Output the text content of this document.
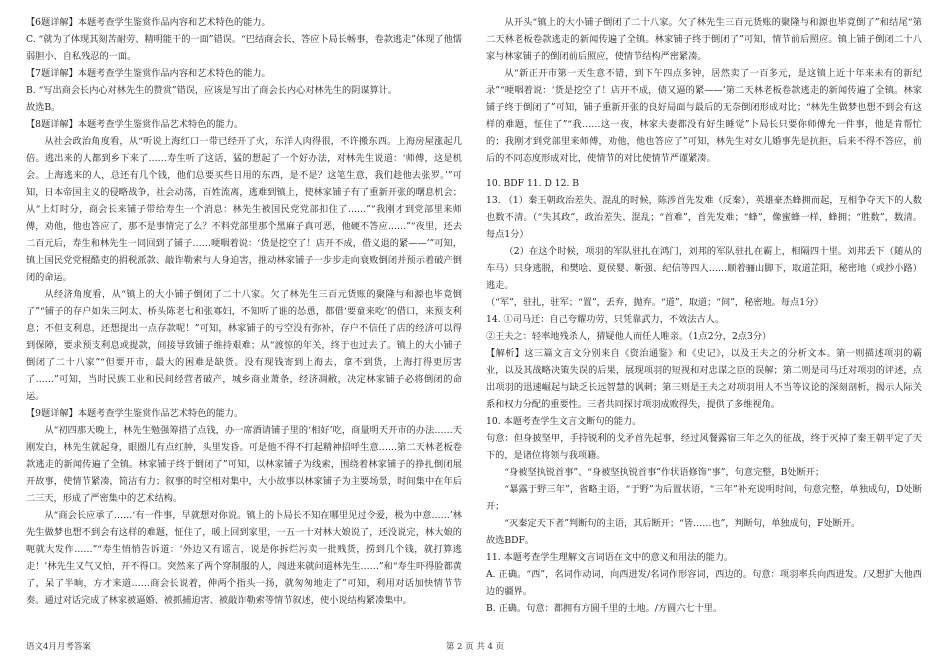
【6题详解】本题考查学生鉴赏作品内容和艺术特色的能力。

C. “就为了体现其刻苦耐劳、精明能干的一面”错误。“巴结商会长，答应卜局长畅事，卷款逃走”体现了他懦弱胆小、自私残忍的一面。

【7题详解】本题考查学生鉴赏作品内容和艺术特色的能力。

B. “写出商会长内心对林先生的赞赏”错误，应该是写出了商会长内心对林先生的阴谋算计。

故选B。

【8题详解】本题考查学生鉴赏作品艺术特色的能力。

从社会政治角度看，从“听说上海红口一带已经开了火，东洋人肉得很，不许搬东西。上海房屋涨起几倍。逃出来的人都到乡下来了……寿生听了这话，猛的想起了一个好办法，对林先生说道：‘师傅，这是机会。上海逃来的人，总还有几个钱，他们总要买些日用的东西，是不是？这笔生意，我们趁他去张罗。’”可知，日本帝国主义的侵略战争，社会动荡，百姓流离，逃难到镇上，使林家铺子有了重新开张的曙息机会；从“上灯时分，商会长来铺子带给寿生一个消息：林先生被国民党党部扣住了……”“我刚才到党部里来师傅，劝他，他也答应了，那不是事情完了么？不料党部里那个黑麻子真可恶，他硬不答应……”“夜里，还去二百元后，寿生和林先生一同回到了铺子……哽咽着说：‘货是挖空了！店开不成，借义退的紧——’”可知，镇上国民党党棍酷吏的捐税派款、敲诈勒索与人身迫害，推动林家铺子一步步走向衰败倒闭并预示着破产倒闭的命运。

从经济角度看，从“镇上的大小铺子倒闭了二十八家。欠了林先生三百元货账的聚隆与和源也毕竟倒了”“铺子的存户如朱三阿太、桥头陈老七和张寡妇，不知听了谁的怂恿，都借‘要童来吃’的借口，来预支利息；不但支利息，还想提出一点存款呢！”可知，林家铺子的亏空没有弥补，存户不信任了店的经济可以得到保障，要求预支利息或提款，间接导致铺子维持艰难；从“渡惊的年关，终于也过去了。镇上的大小铺子倒闭了二十八家”“但要开市，最大的困难是缺货。没有现钱寄到上海去，拿不到货，上海打得更厉害了……”可知，当时民族工业和民间经营者破产，城乡商业萧条，经济凋敝，决定林家铺子必将倒闭的命运。

【9题详解】本题考查学生鉴赏作品艺术特色的能力。

从“初四那天晚上，林先生勉强筹措了点钱，办一席酒请铺子里的‘相好’吃，商量明天开市的办法……天刚发白，林先生就起身，眼圈儿有点红肿，头里发昏。可是他不得不打起精神招呼生意……第二天林老板卷款逃走的新闻传遍了全镇。林家铺子终于倒闭了”可知，以林家铺子为线索，围绕着林家铺子的挣扎倒闭展开故事，使情节紧凑，简洁有力；叙事的时空相对集中，大小故事以林家铺子为主要场景，时间集中在年后二三天，形成了严密集中的艺术结构。

从“商会长应承了……‘有一件事，早就想对你说。镇上的卜局长不知在哪里见过令爱，极为中意……’林先生做梦也想不到会有这样的难题，怔住了，暖上回到家里，一五一十对林大娘说了，还没说完，林大娘的呃就大发作……”“寿生悄悄告诉道：‘外边又有谣言，说是你拆烂污卖一批贱货，捞到几个钱，就打算逃走！’林先生又气又怕，开不得口。突然来了两个穿制服的人，闯进来就问道林先生……”和“寿生吓得脸都黄了，呆了半晌，方才来道……商会长说着，伸两个指头一扬，就匆匆地走了”可知，利用对话加快情节节奏。通过对话完成了林家被逼婚、被抓捕迫害、被敲诈勒索等情节叙述，使小说结构紧凑集中。

从开头“镇上的大小铺子倒闭了二十八家。欠了林先生三百元货账的聚隆与和源也毕竟倒了”和结尾“第二天林老板卷款逃走的新闻传遍了全镇。林家铺子终于倒闭了”可知，情节前后照应。镇上铺子倒闭二十八家与林家铺子的倒闭前后照应，使情节结构严密紧凑。

从“新正开市第一天生意不错，到下午四点多钟，居然卖了一百多元，是这镇上近十年来未有的新纪录”“哽咽着说：‘货是挖空了！店开不成，债又逼的紧——’第二天林老板卷款逃走的新闻传遍了全镇。林家铺子终于倒闭了”可知，铺子重新开张的良好局面与最后的无奈倒闭形成对比；“林先生做梦也想不到会有这样的难题，怔住了”“我……这一夜，林家夫妻都没有好生睡觉”卜局长只要你师傅允一件事，他是肯帮忙的；我刚才到党部里来师傅，劝他，他也答应了”可知，林先生对女儿婚事先是抗拒，后来不得不答应，前后的不同态度形成对比，使情节的对比使情节严谨紧凑。

10. BDF 11. D 12. B

13. （1）秦王朝政治差失、混乱的时候，陈涉首先发难（反秦），英雄豪杰蜂拥而起，互相争夺天下的人数也数不清。（“失其政”，政治差失、混乱；“首难”，首先发难；“蜂”，像蜜蜂一样，蜂拥；“胜数”，数清。每点1分）

（2）在这个时候，项羽的军队驻扎在鸿门，刘邦的军队驻扎在霸上，相隔四十里。刘邦丢下（随从的车马）只身逃脱，和樊哙、夏侯婴、靳强、纪信等四人……顺着骊山脚下，取道芷阳，秘密地（或抄小路）逃走。

（“军”，驻扎，驻军；“置”，丢弃，抛弃。“道”，取道；“间”，秘密地。每点1分）

14. ①司马迁：自己夸耀功劳，只凭靠武力，不效法古人。

②王夫之：轻率地残杀人，猜疑他人而任人唯亲。（1点2分，2点3分）

【解析】这三篇文言文分别来自《资治通鉴》和《史记》，以及王夫之的分析文本。第一则描述项羽的霸业，以及其战略决策失误的后果，展现项羽的短视和对忠谋之臣的误解；第二则是司马迁对项羽的评述，点出项羽的迅速崛起与缺乏长远智慧的讽刺；第三则是王夫之对项羽用人不当等议论的深刻剖析，揭示人际关系和权力分配的重要性。三者共同探讨项羽成败得失，提供了多维视角。

10. 本题考查学生文言文断句的能力。

句意：但身披坚甲，手持锐利的戈矛首先起事，经过风餐露宿三年之久的征战，终于灭掉了秦王朝平定了天下的，是诸位将领与我项籍。

“身被坚执锐首事”、“身被坚执锐首事”作状语修饰“事”，句意完整，B处断开；

“暴露于野三年”，省略主语，“于野”为后置状语，“三年”补充说明时间，句意完整，单独成句，D处断开；

“灭秦定天下者”判断句的主语，其后断开；“皆……也”，判断句，单独成句，F处断开。

故选BDF。

11. 本题考查学生理解文言词语在文中的意义和用法的能力。

A. 正确。“西”，名词作动词，向西进发/名词作形容词，西边的。句意：项羽率兵向西进发。/又想扩大他西边的疆界。

B. 正确。句意：都拥有方圆千里的土地。/方圆六七十里。

语文4月月考答案	第 2 页 共 4 页
